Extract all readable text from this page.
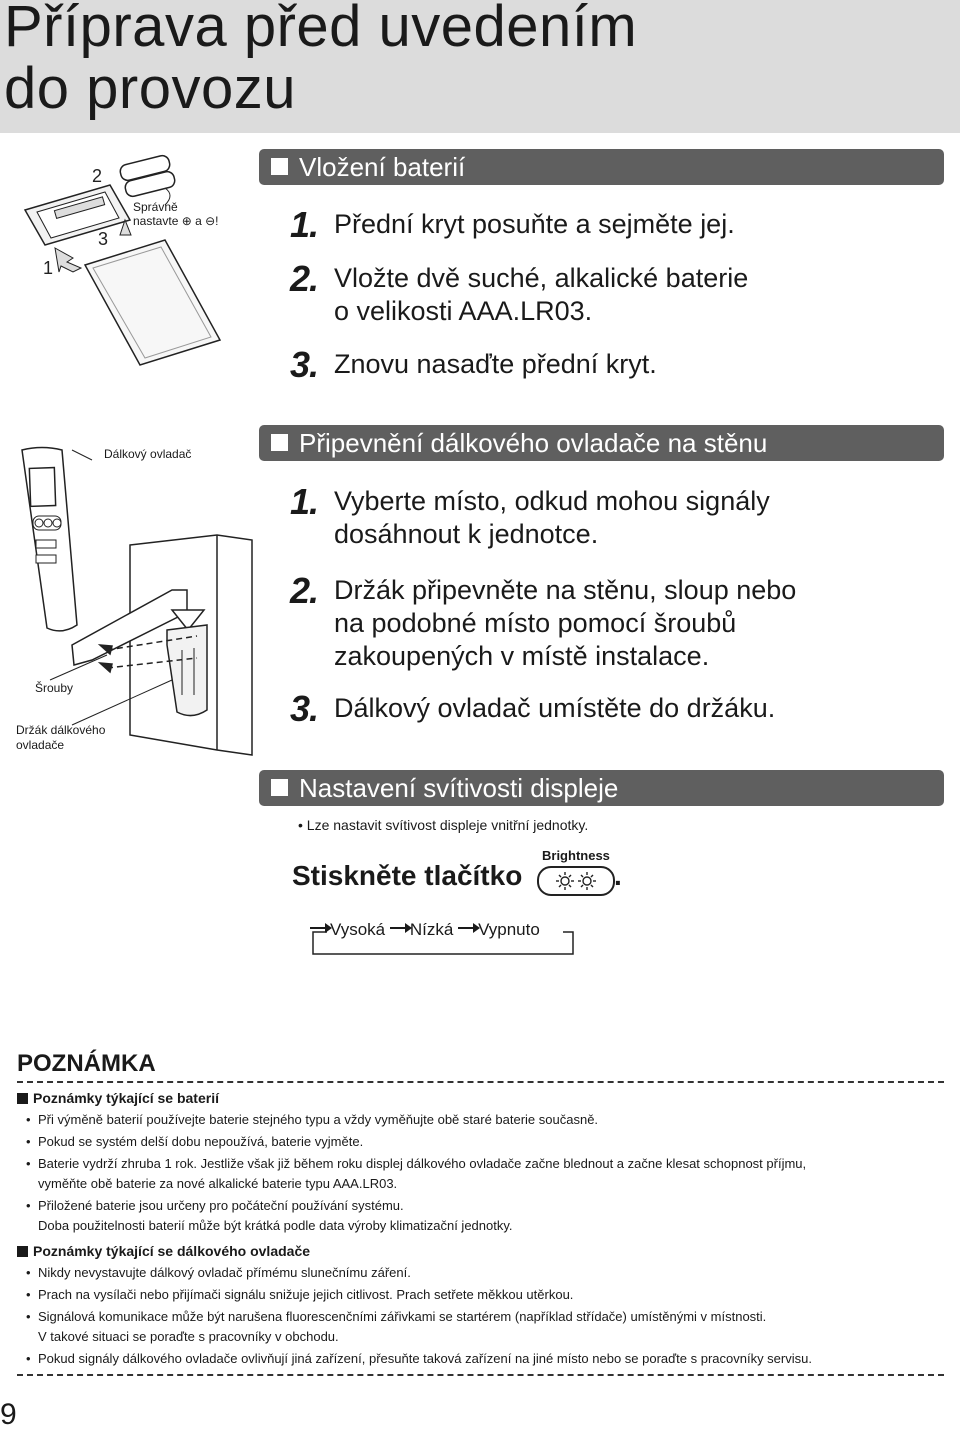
Příprava před uvedením
do provozu
1
2
3
Správně
nastavte ⊕ a ⊖!
Vložení baterií
1. Přední kryt posuňte a sejměte jej.
2. Vložte dvě suché, alkalické baterie
o velikosti AAA.LR03.
3. Znovu nasaďte přední kryt.
Dálkový ovladač
Šrouby
Držák dálkového
ovladače
Připevnění dálkového ovladače na stěnu
1. Vyberte místo, odkud mohou signály
dosáhnout k jednotce.
2. Držák připevněte na stěnu, sloup nebo
na podobné místo pomocí šroubů
zakoupených v místě instalace.
3. Dálkový ovladač umístěte do držáku.
Nastavení svítivosti displeje
• Lze nastavit svítivost displeje vnitřní jednotky.
Stiskněte tlačítko
Brightness
.
Vysoká Nízká Vypnuto
POZNÁMKA
Poznámky týkající se baterií
• Při výměně baterií používejte baterie stejného typu a vždy vyměňujte obě staré baterie současně.
• Pokud se systém delší dobu nepoužívá, baterie vyjměte.
• Baterie vydrží zhruba 1 rok. Jestliže však již během roku displej dálkového ovladače začne blednout a začne klesat schopnost příjmu,
vyměňte obě baterie za nové alkalické baterie typu AAA.LR03.
• Přiložené baterie jsou určeny pro počáteční používání systému.
Doba použitelnosti baterií může být krátká podle data výroby klimatizační jednotky.
Poznámky týkající se dálkového ovladače
• Nikdy nevystavujte dálkový ovladač přímému slunečnímu záření.
• Prach na vysílači nebo přijímači signálu snižuje jejich citlivost. Prach setřete měkkou utěrkou.
• Signálová komunikace může být narušena fluorescenčními zářivkami se startérem (například střídače) umístěnými v místnosti.
V takové situaci se poraďte s pracovníky v obchodu.
• Pokud signály dálkového ovladače ovlivňují jiná zařízení, přesuňte taková zařízení na jiné místo nebo se poraďte s pracovníky servisu.
9
